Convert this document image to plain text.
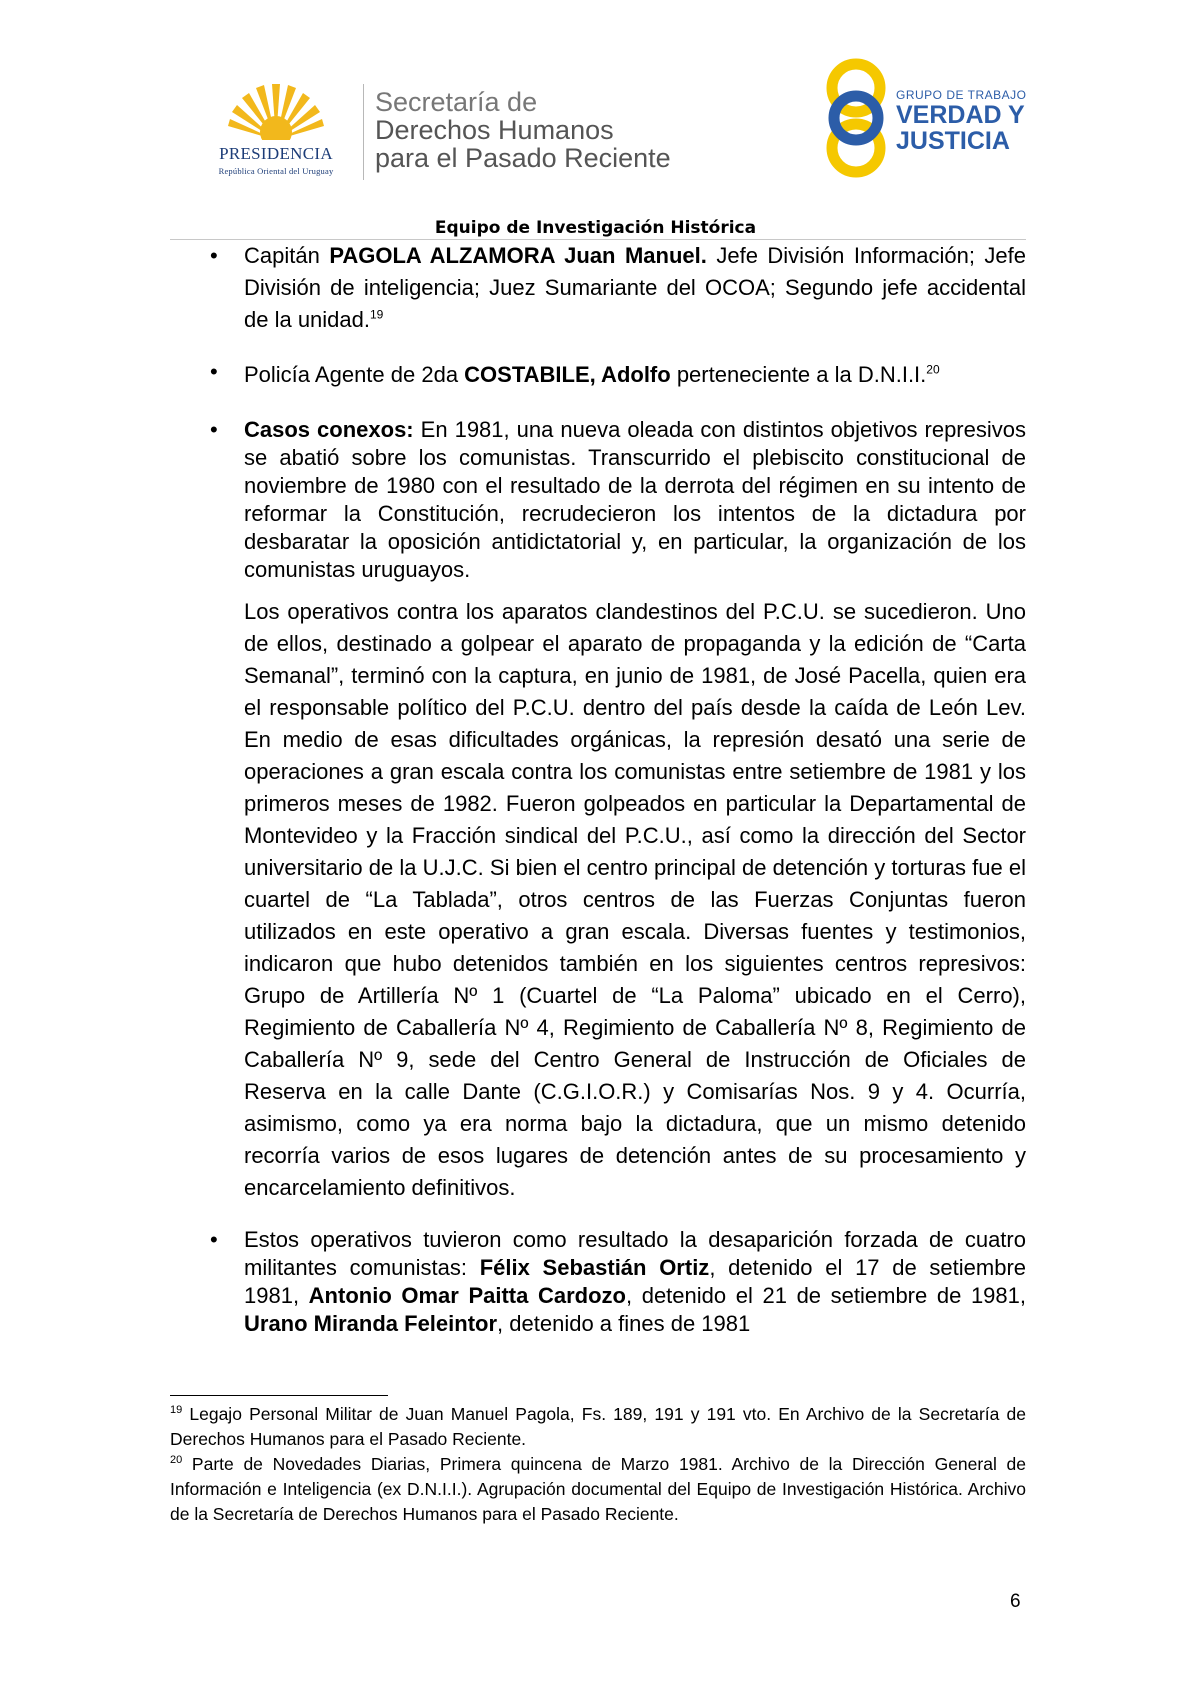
PRESIDENCIA
República Oriental del Uruguay
Secretaría de
Derechos Humanos
para el Pasado Reciente
GRUPO DE TRABAJO
VERDAD Y
JUSTICIA
Equipo de Investigación Histórica
• Capitán PAGOLA ALZAMORA Juan Manuel. Jefe División Información; Jefe División de inteligencia; Juez Sumariante del OCOA; Segundo jefe accidental de la unidad.$^{19}$
• Policía Agente de 2da COSTABILE, Adolfo perteneciente a la D.N.I.I.$^{20}$
• Casos conexos: En 1981, una nueva oleada con distintos objetivos represivos se abatió sobre los comunistas. Transcurrido el plebiscito constitucional de noviembre de 1980 con el resultado de la derrota del régimen en su intento de reformar la Constitución, recrudecieron los intentos de la dictadura por desbaratar la oposición antidictatorial y, en particular, la organización de los comunistas uruguayos.
Los operativos contra los aparatos clandestinos del P.C.U. se sucedieron. Uno de ellos, destinado a golpear el aparato de propaganda y la edición de “Carta Semanal”, terminó con la captura, en junio de 1981, de José Pacella, quien era el responsable político del P.C.U. dentro del país desde la caída de León Lev. En medio de esas dificultades orgánicas, la represión desató una serie de operaciones a gran escala contra los comunistas entre setiembre de 1981 y los primeros meses de 1982. Fueron golpeados en particular la Departamental de Montevideo y la Fracción sindical del P.C.U., así como la dirección del Sector universitario de la U.J.C. Si bien el centro principal de detención y torturas fue el cuartel de “La Tablada”, otros centros de las Fuerzas Conjuntas fueron utilizados en este operativo a gran escala. Diversas fuentes y testimonios, indicaron que hubo detenidos también en los siguientes centros represivos: Grupo de Artillería Nº 1 (Cuartel de “La Paloma” ubicado en el Cerro), Regimiento de Caballería Nº 4, Regimiento de Caballería Nº 8, Regimiento de Caballería Nº 9, sede del Centro General de Instrucción de Oficiales de Reserva en la calle Dante (C.G.I.O.R.) y Comisarías Nos. 9 y 4. Ocurría, asimismo, como ya era norma bajo la dictadura, que un mismo detenido recorría varios de esos lugares de detención antes de su procesamiento y encarcelamiento definitivos.
• Estos operativos tuvieron como resultado la desaparición forzada de cuatro militantes comunistas: Félix Sebastián Ortiz, detenido el 17 de setiembre 1981, Antonio Omar Paitta Cardozo, detenido el 21 de setiembre de 1981, Urano Miranda Feleintor, detenido a fines de 1981
$^{19}$ Legajo Personal Militar de Juan Manuel Pagola, Fs. 189, 191 y 191 vto. En Archivo de la Secretaría de Derechos Humanos para el Pasado Reciente.
$^{20}$ Parte de Novedades Diarias, Primera quincena de Marzo 1981. Archivo de la Dirección General de Información e Inteligencia (ex D.N.I.I.). Agrupación documental del Equipo de Investigación Histórica. Archivo de la Secretaría de Derechos Humanos para el Pasado Reciente.
6
